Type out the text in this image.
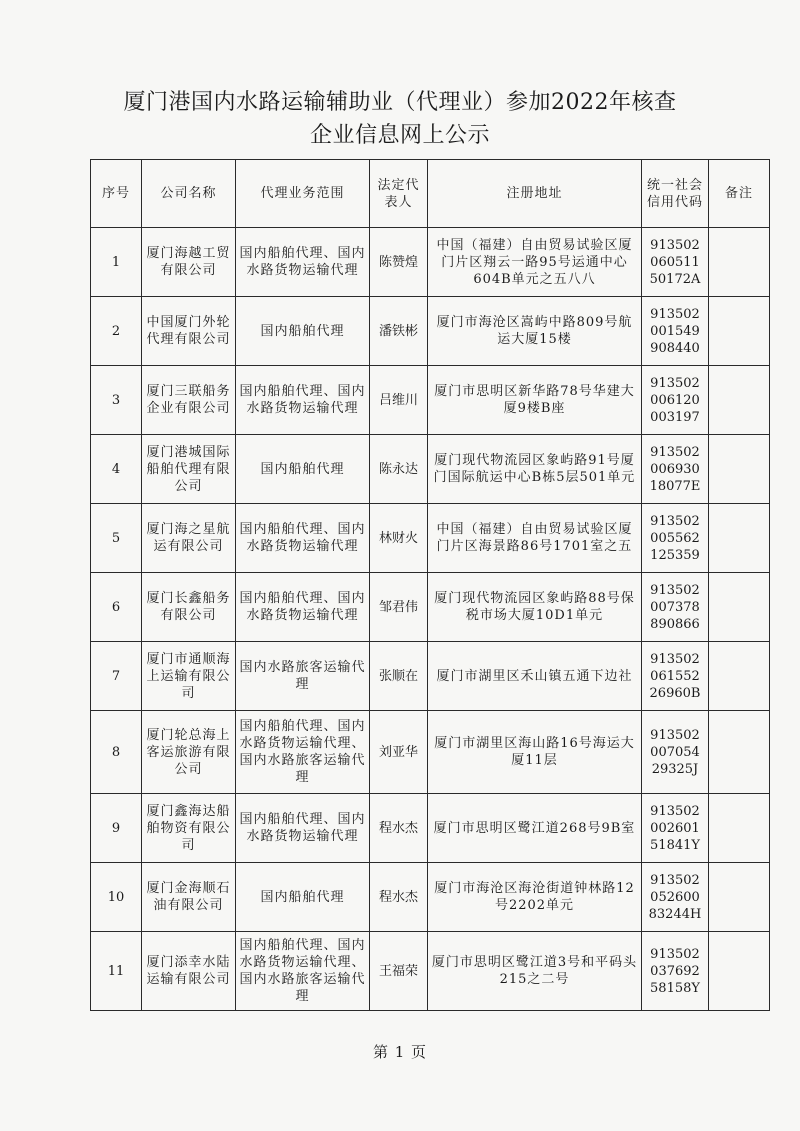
厦门港国内水路运输辅助业（代理业）参加2022年核查
企业信息网上公示
序号	公司名称	代理业务范围	法定代表人	注册地址	统一社会信用代码	备注
1	厦门海越工贸有限公司	国内船舶代理、国内水路货物运输代理	陈赞煌	中国（福建）自由贸易试验区厦门片区翔云一路95号运通中心604B单元之五八八	913502
060511
50172A	
2	中国厦门外轮代理有限公司	国内船舶代理	潘铁彬	厦门市海沧区嵩屿中路809号航运大厦15楼	913502
001549
908440	
3	厦门三联船务企业有限公司	国内船舶代理、国内水路货物运输代理	吕维川	厦门市思明区新华路78号华建大厦9楼B座	913502
006120
003197	
4	厦门港城国际船舶代理有限公司	国内船舶代理	陈永达	厦门现代物流园区象屿路91号厦门国际航运中心B栋5层501单元	913502
006930
18077E	
5	厦门海之星航运有限公司	国内船舶代理、国内水路货物运输代理	林财火	中国（福建）自由贸易试验区厦门片区海景路86号1701室之五	913502
005562
125359	
6	厦门长鑫船务有限公司	国内船舶代理、国内水路货物运输代理	邹君伟	厦门现代物流园区象屿路88号保税市场大厦10D1单元	913502
007378
890866	
7	厦门市通顺海上运输有限公司	国内水路旅客运输代理	张顺在	厦门市湖里区禾山镇五通下边社	913502
061552
26960B	
8	厦门轮总海上客运旅游有限公司	国内船舶代理、国内水路货物运输代理、国内水路旅客运输代理	刘亚华	厦门市湖里区海山路16号海运大厦11层	913502
007054
29325J	
9	厦门鑫海达船舶物资有限公司	国内船舶代理、国内水路货物运输代理	程水杰	厦门市思明区鹭江道268号9B室	913502
002601
51841Y	
10	厦门金海顺石油有限公司	国内船舶代理	程水杰	厦门市海沧区海沧街道钟林路12号2202单元	913502
052600
83244H	
11	厦门添幸水陆运输有限公司	国内船舶代理、国内水路货物运输代理、国内水路旅客运输代理	王福荣	厦门市思明区鹭江道3号和平码头215之二号	913502
037692
58158Y	
第 1 页
